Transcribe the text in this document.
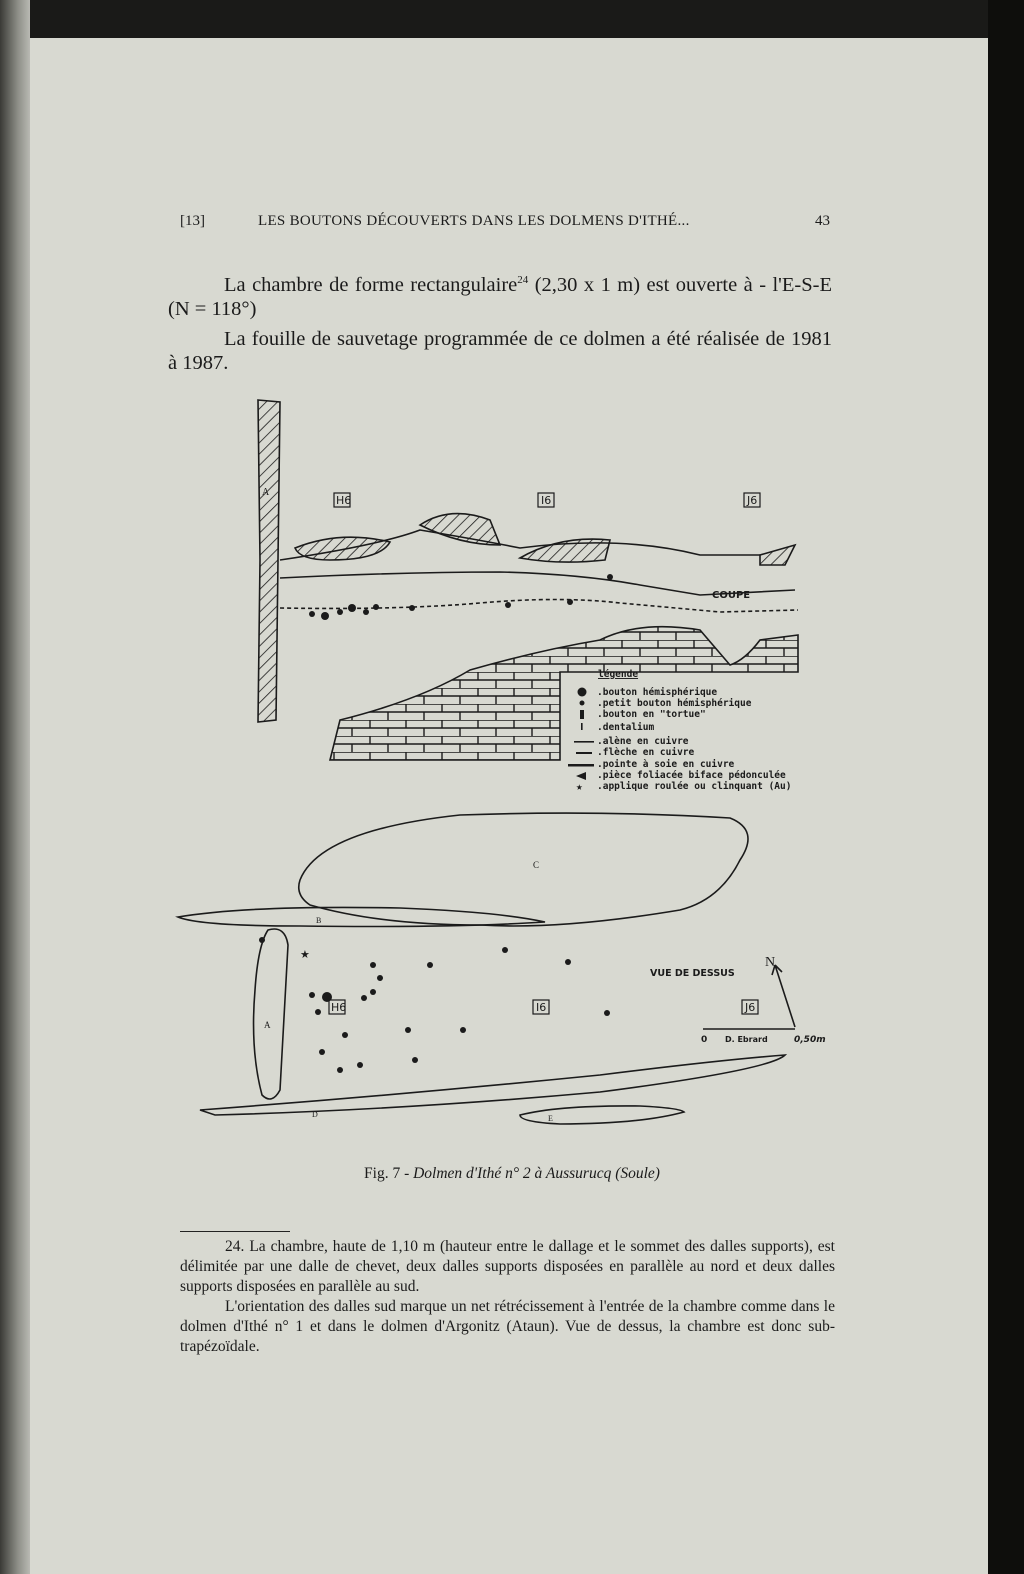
[13]	LES BOUTONS DÉCOUVERTS DANS LES DOLMENS D'ITHÉ...	43
La chambre de forme rectangulaire$^{24}$ (2,30 x 1 m) est ouverte à - l'E-S-E (N = 118°)
La fouille de sauvetage programmée de ce dolmen a été réalisée de 1981 à 1987.
A
H6	I6	J6
COUPE
légende
.bouton hémisphérique
.petit bouton hémisphérique
.bouton en "tortue"
.dentalium
.alène en cuivre
.flèche en cuivre
.pointe à soie en cuivre
.pièce foliacée biface pédonculée
★ .applique roulée ou clinquant (Au)
C
B
A
D	E
H6	I6	J6
★
VUE DE DESSUS
N
0 D. Ebrard	0,50m
Fig. 7 - Dolmen d'Ithé n° 2 à Aussurucq (Soule)
24. La chambre, haute de 1,10 m (hauteur entre le dallage et le sommet des dalles supports), est délimitée par une dalle de chevet, deux dalles supports disposées en parallèle au nord et deux dalles supports disposées en parallèle au sud.
L'orientation des dalles sud marque un net rétrécissement à l'entrée de la chambre comme dans le dolmen d'Ithé n° 1 et dans le dolmen d'Argonitz (Ataun). Vue de dessus, la chambre est donc sub-trapézoïdale.
